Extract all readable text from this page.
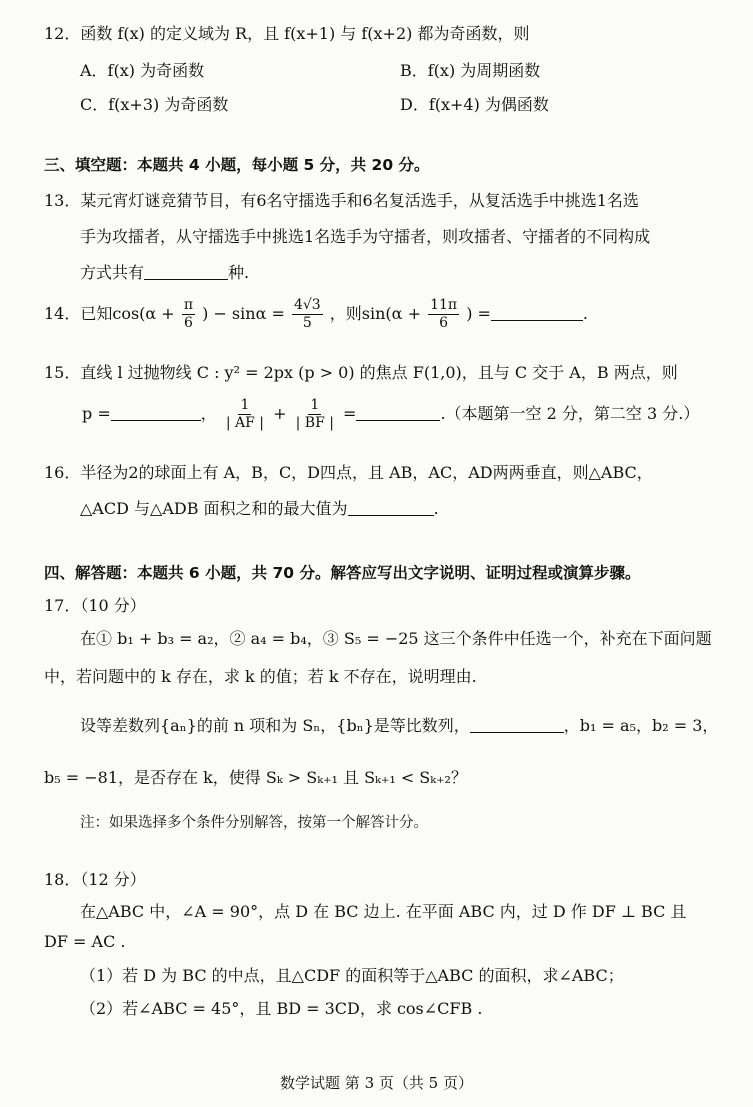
12．函数 f(x) 的定义域为 R，且 f(x+1) 与 f(x+2) 都为奇函数，则
A．f(x) 为奇函数	B．f(x) 为周期函数
C．f(x+3) 为奇函数	D．f(x+4) 为偶函数
三、填空题：本题共 4 小题，每小题 5 分，共 20 分。
13．某元宵灯谜竞猜节目，有6名守擂选手和6名复活选手，从复活选手中挑选1名选
手为攻擂者，从守擂选手中挑选1名选手为守擂者，则攻擂者、守擂者的不同构成
方式共有	种.
14．已知$\cos(\alpha + \frac{\pi}{6}$ ) − $\sin\alpha = \frac{4√3}{5}$ ，则$\sin(\alpha + \frac{11\pi}{6}$ ) =	.
15．直线 l 过抛物线 C : y² = 2px (p > 0) 的焦点 F(1,0)，且与 C 交于 A，B 两点，则
p =	， $\frac{1}{| AF |} + \frac{1}{| BF |}$ =	.（本题第一空 2 分，第二空 3 分.）
16．半径为2的球面上有 A，B，C，D四点，且 AB，AC，AD两两垂直，则△ABC，
△ACD 与△ADB 面积之和的最大值为	.
四、解答题：本题共 6 小题，共 70 分。解答应写出文字说明、证明过程或演算步骤。
17．（10 分）
在① b₁ + b₃ = a₂，② a₄ = b₄，③ S₅ = −25 这三个条件中任选一个，补充在下面问题
中，若问题中的 k 存在，求 k 的值；若 k 不存在，说明理由.
设等差数列{aₙ}的前 n 项和为 Sₙ，{bₙ}是等比数列，	，b₁ = a₅，b₂ = 3，
b₅ = −81，是否存在 k，使得 Sₖ > Sₖ₊₁ 且 Sₖ₊₁ < Sₖ₊₂？
注：如果选择多个条件分别解答，按第一个解答计分。
18．（12 分）
在△ABC 中，∠A = 90°，点 D 在 BC 边上. 在平面 ABC 内，过 D 作 DF ⊥ BC 且
DF = AC .
（1）若 D 为 BC 的中点，且△CDF 的面积等于△ABC 的面积，求∠ABC；
（2）若∠ABC = 45°，且 BD = 3CD，求 cos∠CFB .
数学试题 第 3 页（共 5 页）
